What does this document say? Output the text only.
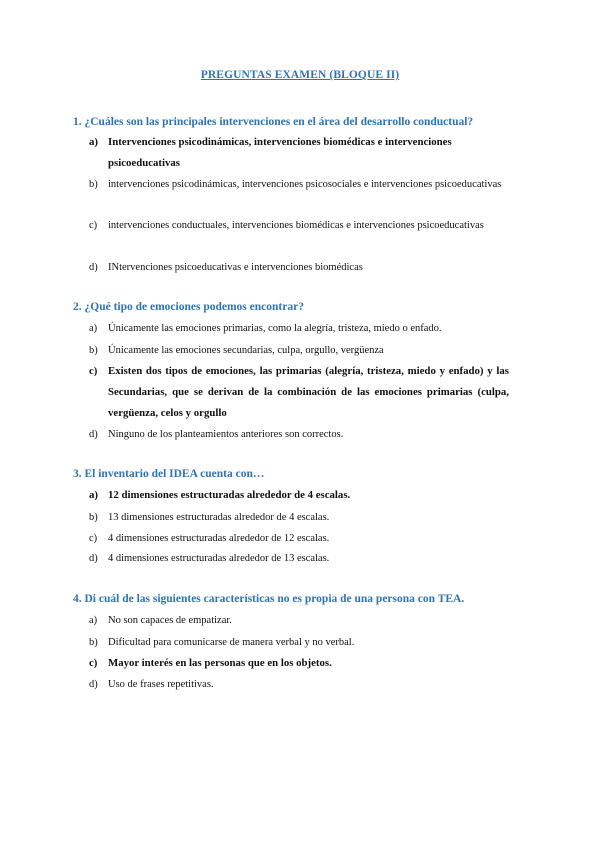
PREGUNTAS EXAMEN (BLOQUE II)
1. ¿Cuáles son las principales intervenciones en el área del desarrollo conductual?
a) Intervenciones psicodinámicas, intervenciones biomédicas e intervenciones psicoeducativas
b) intervenciones psicodinámicas, intervenciones psicosociales e intervenciones psicoeducativas
c) intervenciones conductuales, intervenciones biomédicas e intervenciones psicoeducativas
d) INtervenciones psicoeducativas e intervenciones biomédicas
2. ¿Qué tipo de emociones podemos encontrar?
a) Únicamente las emociones primarias, como la alegría, tristeza, miedo o enfado.
b) Únicamente las emociones secundarias, culpa, orgullo, vergüenza
c) Existen dos tipos de emociones, las primarias (alegría, tristeza, miedo y enfado) y las Secundarias, que se derivan de la combinación de las emociones primarias (culpa, vergüenza, celos y orgullo
d) Ninguno de los planteamientos anteriores son correctos.
3. El inventario del IDEA cuenta con…
a) 12 dimensiones estructuradas alrededor de 4 escalas.
b) 13 dimensiones estructuradas alrededor de 4 escalas.
c) 4 dimensiones estructuradas alrededor de 12 escalas.
d) 4 dimensiones estructuradas alrededor de 13 escalas.
4. Di cuál de las siguientes características no es propia de una persona con TEA.
a) No son capaces de empatizar.
b) Dificultad para comunicarse de manera verbal y no verbal.
c) Mayor interés en las personas que en los objetos.
d) Uso de frases repetitivas.
